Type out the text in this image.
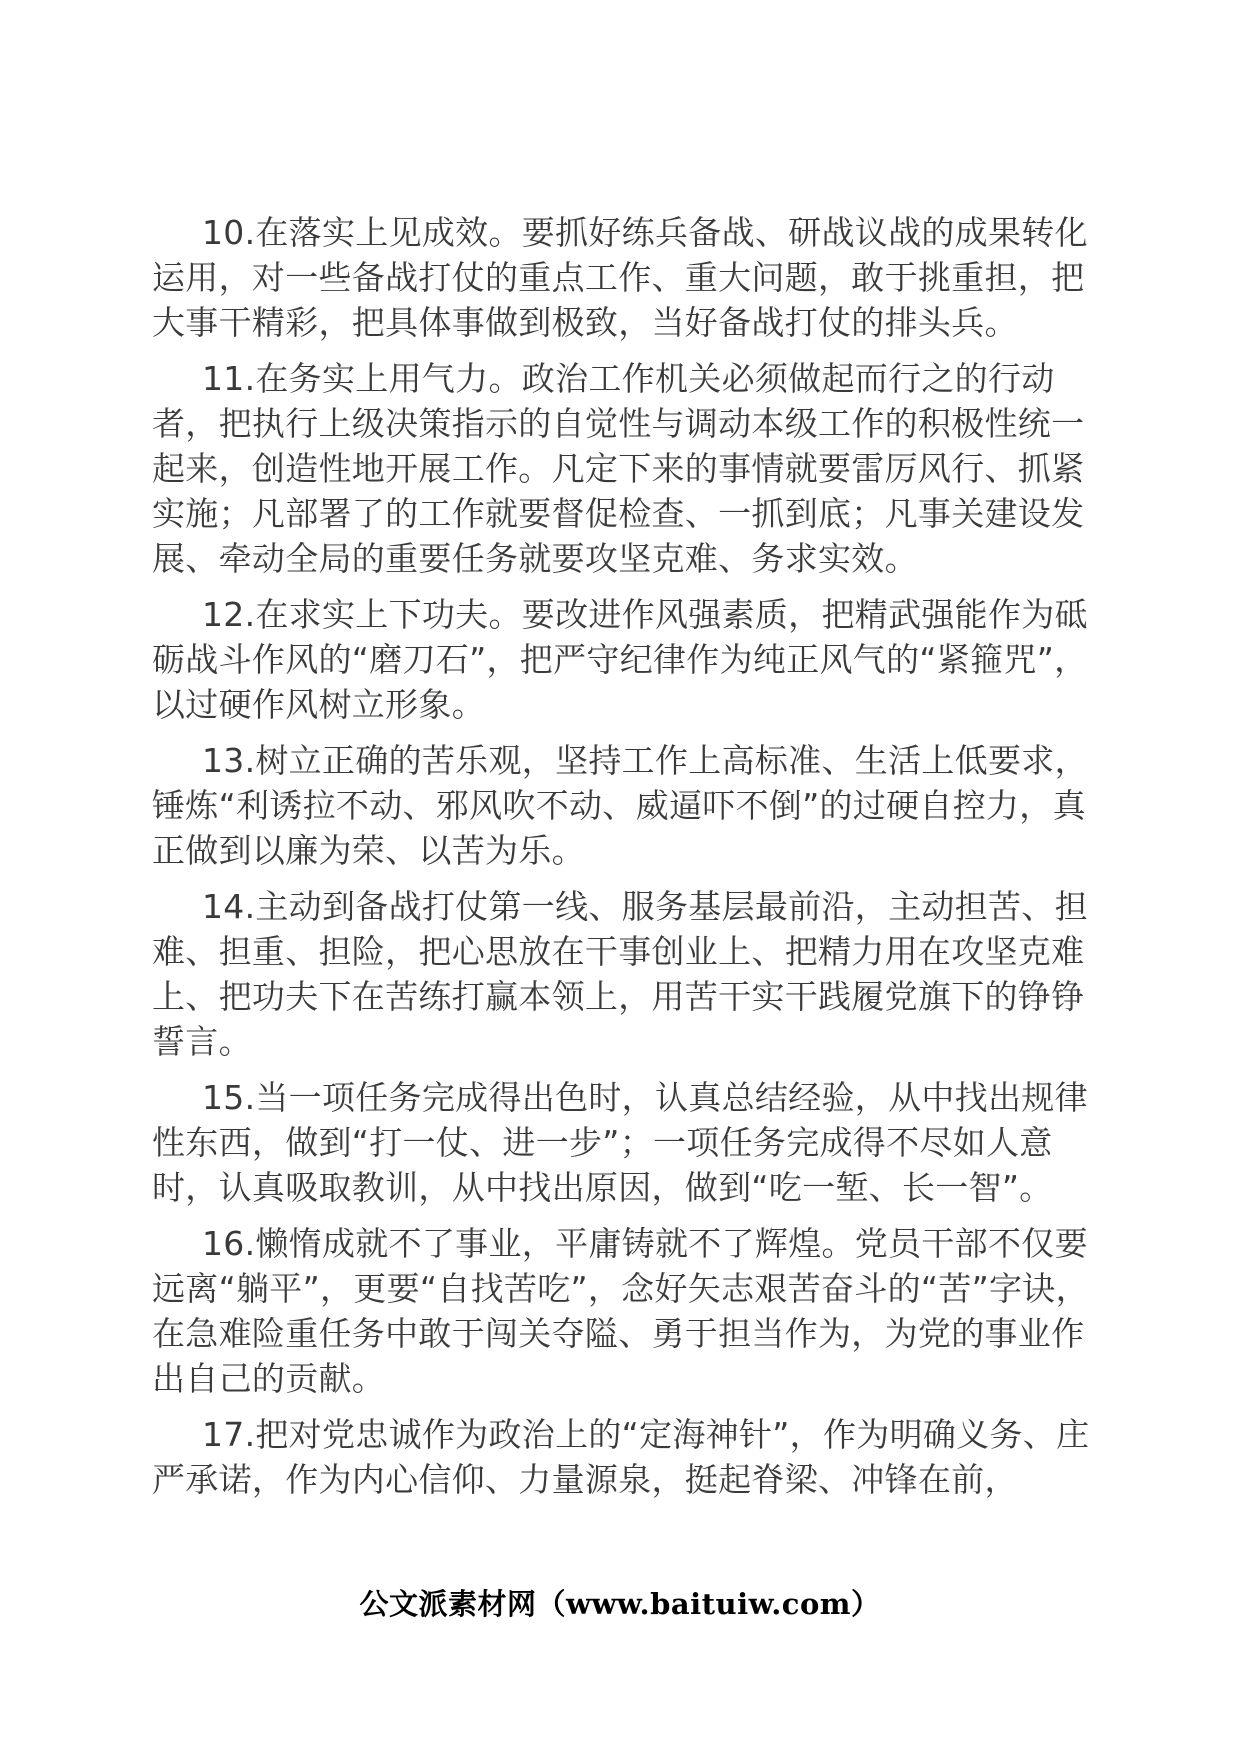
10.在落实上见成效。要抓好练兵备战、研战议战的成果转化运用，对一些备战打仗的重点工作、重大问题，敢于挑重担，把大事干精彩，把具体事做到极致，当好备战打仗的排头兵。

11.在务实上用气力。政治工作机关必须做起而行之的行动者，把执行上级决策指示的自觉性与调动本级工作的积极性统一起来，创造性地开展工作。凡定下来的事情就要雷厉风行、抓紧实施；凡部署了的工作就要督促检查、一抓到底；凡事关建设发展、牵动全局的重要任务就要攻坚克难、务求实效。

12.在求实上下功夫。要改进作风强素质，把精武强能作为砥砺战斗作风的“磨刀石”，把严守纪律作为纯正风气的“紧箍咒”，以过硬作风树立形象。

13.树立正确的苦乐观，坚持工作上高标准、生活上低要求，锤炼“利诱拉不动、邪风吹不动、威逼吓不倒”的过硬自控力，真正做到以廉为荣、以苦为乐。

14.主动到备战打仗第一线、服务基层最前沿，主动担苦、担难、担重、担险，把心思放在干事创业上、把精力用在攻坚克难上、把功夫下在苦练打赢本领上，用苦干实干践履党旗下的铮铮誓言。

15.当一项任务完成得出色时，认真总结经验，从中找出规律性东西，做到“打一仗、进一步”；一项任务完成得不尽如人意时，认真吸取教训，从中找出原因，做到“吃一堑、长一智”。

16.懒惰成就不了事业，平庸铸就不了辉煌。党员干部不仅要远离“躺平”，更要“自找苦吃”，念好矢志艰苦奋斗的“苦”字诀，在急难险重任务中敢于闯关夺隘、勇于担当作为，为党的事业作出自己的贡献。

17.把对党忠诚作为政治上的“定海神针”，作为明确义务、庄严承诺，作为内心信仰、力量源泉，挺起脊梁、冲锋在前，

公文派素材网（www.baituiw.com）
